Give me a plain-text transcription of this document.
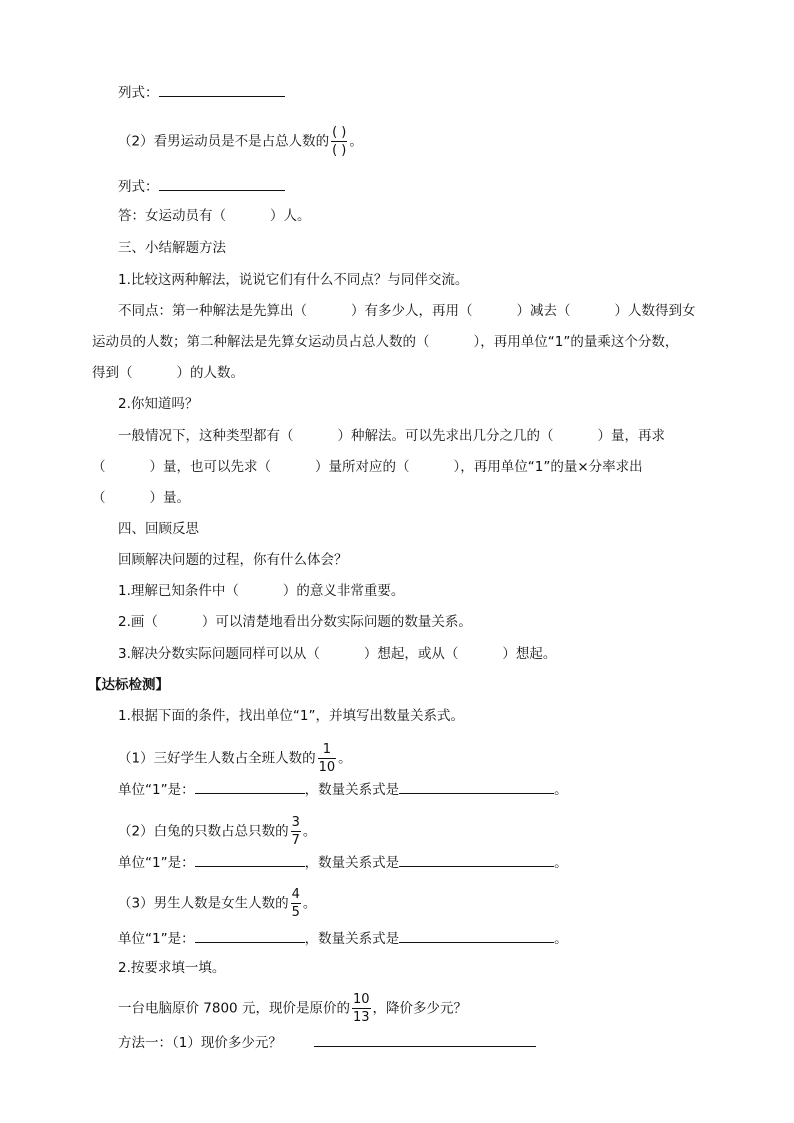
列式：
（2）看男运动员是不是占总人数的 $\frac{( )}{( )}$ 。
列式：
答：女运动员有（	）人。
三、小结解题方法
1.比较这两种解法，说说它们有什么不同点？与同伴交流。
不同点：第一种解法是先算出（	）有多少人，再用（	）减去（	）人数得到女
运动员的人数；第二种解法是先算女运动员占总人数的（	），再用单位“1”的量乘这个分数，
得到（	）的人数。
2.你知道吗？
一般情况下，这种类型都有（	）种解法。可以先求出几分之几的（	）量，再求
（	）量，也可以先求（	）量所对应的（	），再用单位“1”的量×分率求出
（	）量。
四、回顾反思
回顾解决问题的过程，你有什么体会？
1.理解已知条件中（	）的意义非常重要。
2.画（	）可以清楚地看出分数实际问题的数量关系。
3.解决分数实际问题同样可以从（	）想起，或从（	）想起。
【达标检测】
1.根据下面的条件，找出单位“1”，并填写出数量关系式。
（1）三好学生人数占全班人数的 $\frac{1}{10}$ 。
单位“1”是：	，数量关系式是	。
（2）白兔的只数占总只数的 $\frac{3}{7}$ 。
单位“1”是：	，数量关系式是	。
（3）男生人数是女生人数的 $\frac{4}{5}$ 。
单位“1”是：	，数量关系式是	。
2.按要求填一填。
一台电脑原价 7800 元，现价是原价的 $\frac{10}{13}$ ，降价多少元？
方法一：（1）现价多少元？
